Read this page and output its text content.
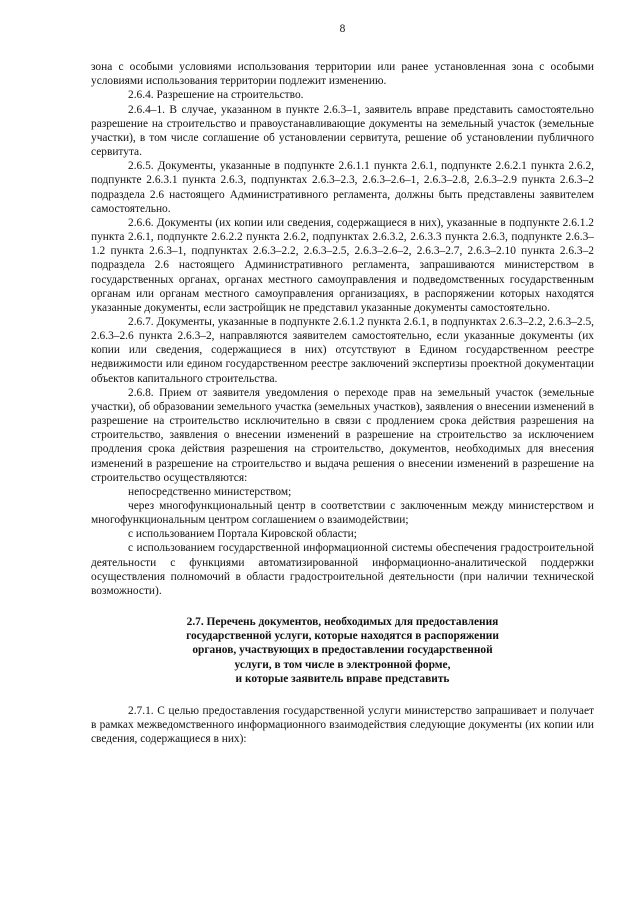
8

зона с особыми условиями использования территории или ранее установленная зона с особыми условиями использования территории подлежит изменению.

2.6.4. Разрешение на строительство.

2.6.4–1. В случае, указанном в пункте 2.6.3–1, заявитель вправе представить самостоятельно разрешение на строительство и правоустанавливающие документы на земельный участок (земельные участки), в том числе соглашение об установлении сервитута, решение об установлении публичного сервитута.

2.6.5. Документы, указанные в подпункте 2.6.1.1 пункта 2.6.1, подпункте 2.6.2.1 пункта 2.6.2, подпункте 2.6.3.1 пункта 2.6.3, подпунктах 2.6.3–2.3, 2.6.3–2.6–1, 2.6.3–2.8, 2.6.3–2.9 пункта 2.6.3–2 подраздела 2.6 настоящего Административного регламента, должны быть представлены заявителем самостоятельно.

2.6.6. Документы (их копии или сведения, содержащиеся в них), указанные в подпункте 2.6.1.2 пункта 2.6.1, подпункте 2.6.2.2 пункта 2.6.2, подпунктах 2.6.3.2, 2.6.3.3 пункта 2.6.3, подпункте 2.6.3–1.2 пункта 2.6.3–1, подпунктах 2.6.3–2.2, 2.6.3–2.5, 2.6.3–2.6–2, 2.6.3–2.7, 2.6.3–2.10 пункта 2.6.3–2 подраздела 2.6 настоящего Административного регламента, запрашиваются министерством в государственных органах, органах местного самоуправления и подведомственных государственным органам или органам местного самоуправления организациях, в распоряжении которых находятся указанные документы, если застройщик не представил указанные документы самостоятельно.

2.6.7. Документы, указанные в подпункте 2.6.1.2 пункта 2.6.1, в подпунктах 2.6.3–2.2, 2.6.3–2.5, 2.6.3–2.6 пункта 2.6.3–2, направляются заявителем самостоятельно, если указанные документы (их копии или сведения, содержащиеся в них) отсутствуют в Едином государственном реестре недвижимости или едином государственном реестре заключений экспертизы проектной документации объектов капитального строительства.

2.6.8. Прием от заявителя уведомления о переходе прав на земельный участок (земельные участки), об образовании земельного участка (земельных участков), заявления о внесении изменений в разрешение на строительство исключительно в связи с продлением срока действия разрешения на строительство, заявления о внесении изменений в разрешение на строительство за исключением продления срока действия разрешения на строительство, документов, необходимых для внесения изменений в разрешение на строительство и выдача решения о внесении изменений в разрешение на строительство осуществляются:

непосредственно министерством;

через многофункциональный центр в соответствии с заключенным между министерством и многофункциональным центром соглашением о взаимодействии;

с использованием Портала Кировской области;

с использованием государственной информационной системы обеспечения градостроительной деятельности с функциями автоматизированной информационно-аналитической поддержки осуществления полномочий в области градостроительной деятельности (при наличии технической возможности).

2.7. Перечень документов, необходимых для предоставления
государственной услуги, которые находятся в распоряжении
органов, участвующих в предоставлении государственной
услуги, в том числе в электронной форме,
и которые заявитель вправе представить

2.7.1. С целью предоставления государственной услуги министерство запрашивает и получает в рамках межведомственного информационного взаимодействия следующие документы (их копии или сведения, содержащиеся в них):
